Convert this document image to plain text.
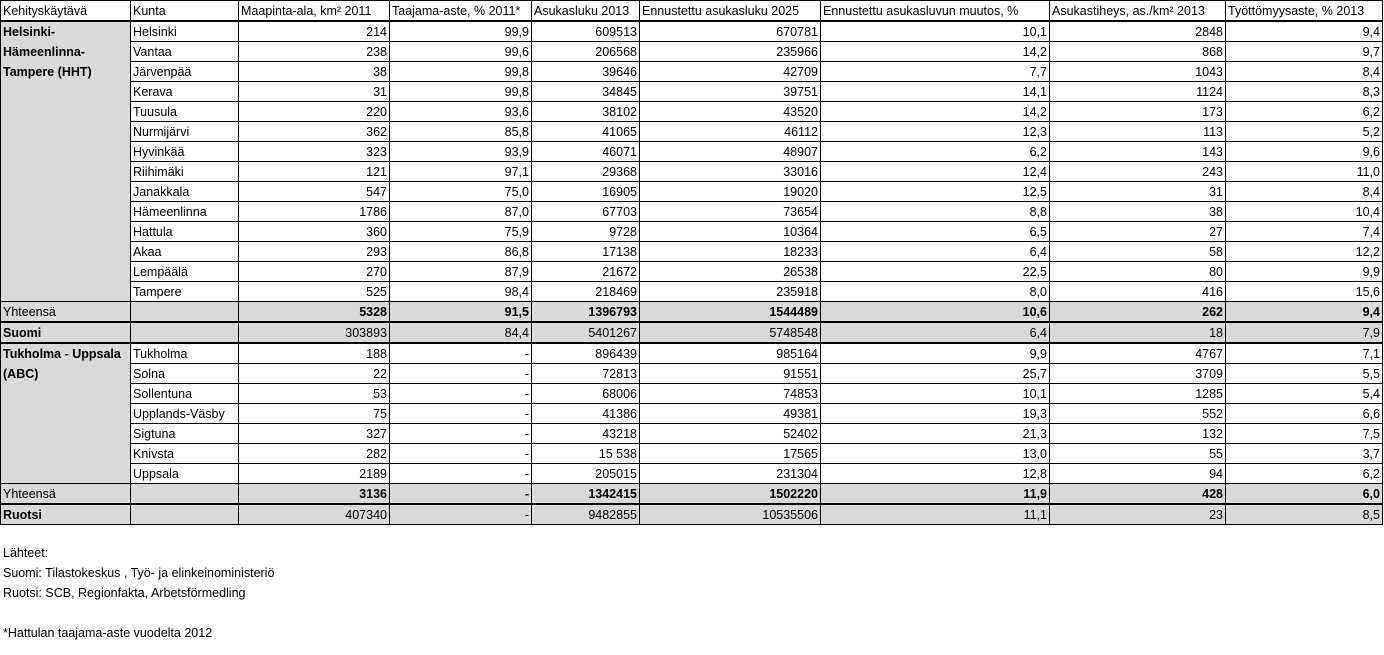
Kehityskäytävä	Kunta	Maapinta-ala, km² 2011	Taajama-aste, % 2011*	Asukasluku 2013	Ennustettu asukasluku 2025	Ennustettu asukasluvun muutos, %	Asukastiheys, as./km² 2013	Työttömyysaste, % 2013
Helsinki-Hämeenlinna-Tampere (HHT)	Helsinki	214	99,9	609513	670781	10,1	2848	9,4
	Vantaa	238	99,6	206568	235966	14,2	868	9,7
	Järvenpää	38	99,8	39646	42709	7,7	1043	8,4
	Kerava	31	99,8	34845	39751	14,1	1124	8,3
	Tuusula	220	93,6	38102	43520	14,2	173	6,2
	Nurmijärvi	362	85,8	41065	46112	12,3	113	5,2
	Hyvinkää	323	93,9	46071	48907	6,2	143	9,6
	Riihimäki	121	97,1	29368	33016	12,4	243	11,0
	Janakkala	547	75,0	16905	19020	12,5	31	8,4
	Hämeenlinna	1786	87,0	67703	73654	8,8	38	10,4
	Hattula	360	75,9	9728	10364	6,5	27	7,4
	Akaa	293	86,8	17138	18233	6,4	58	12,2
	Lempäälä	270	87,9	21672	26538	22,5	80	9,9
	Tampere	525	98,4	218469	235918	8,0	416	15,6
Yhteensä		5328	91,5	1396793	1544489	10,6	262	9,4
Suomi		303893	84,4	5401267	5748548	6,4	18	7,9
Tukholma - Uppsala (ABC)	Tukholma	188	-	896439	985164	9,9	4767	7,1
	Solna	22	-	72813	91551	25,7	3709	5,5
	Sollentuna	53	-	68006	74853	10,1	1285	5,4
	Upplands-Väsby	75	-	41386	49381	19,3	552	6,6
	Sigtuna	327	-	43218	52402	21,3	132	7,5
	Knivsta	282	-	15 538	17565	13,0	55	3,7
	Uppsala	2189	-	205015	231304	12,8	94	6,2
Yhteensä		3136	-	1342415	1502220	11,9	428	6,0
Ruotsi		407340	-	9482855	10535506	11,1	23	8,5
Lähteet:
Suomi: Tilastokeskus , Työ- ja elinkeinoministeriö
Ruotsi: SCB, Regionfakta, Arbetsförmedling
*Hattulan taajama-aste vuodelta 2012
